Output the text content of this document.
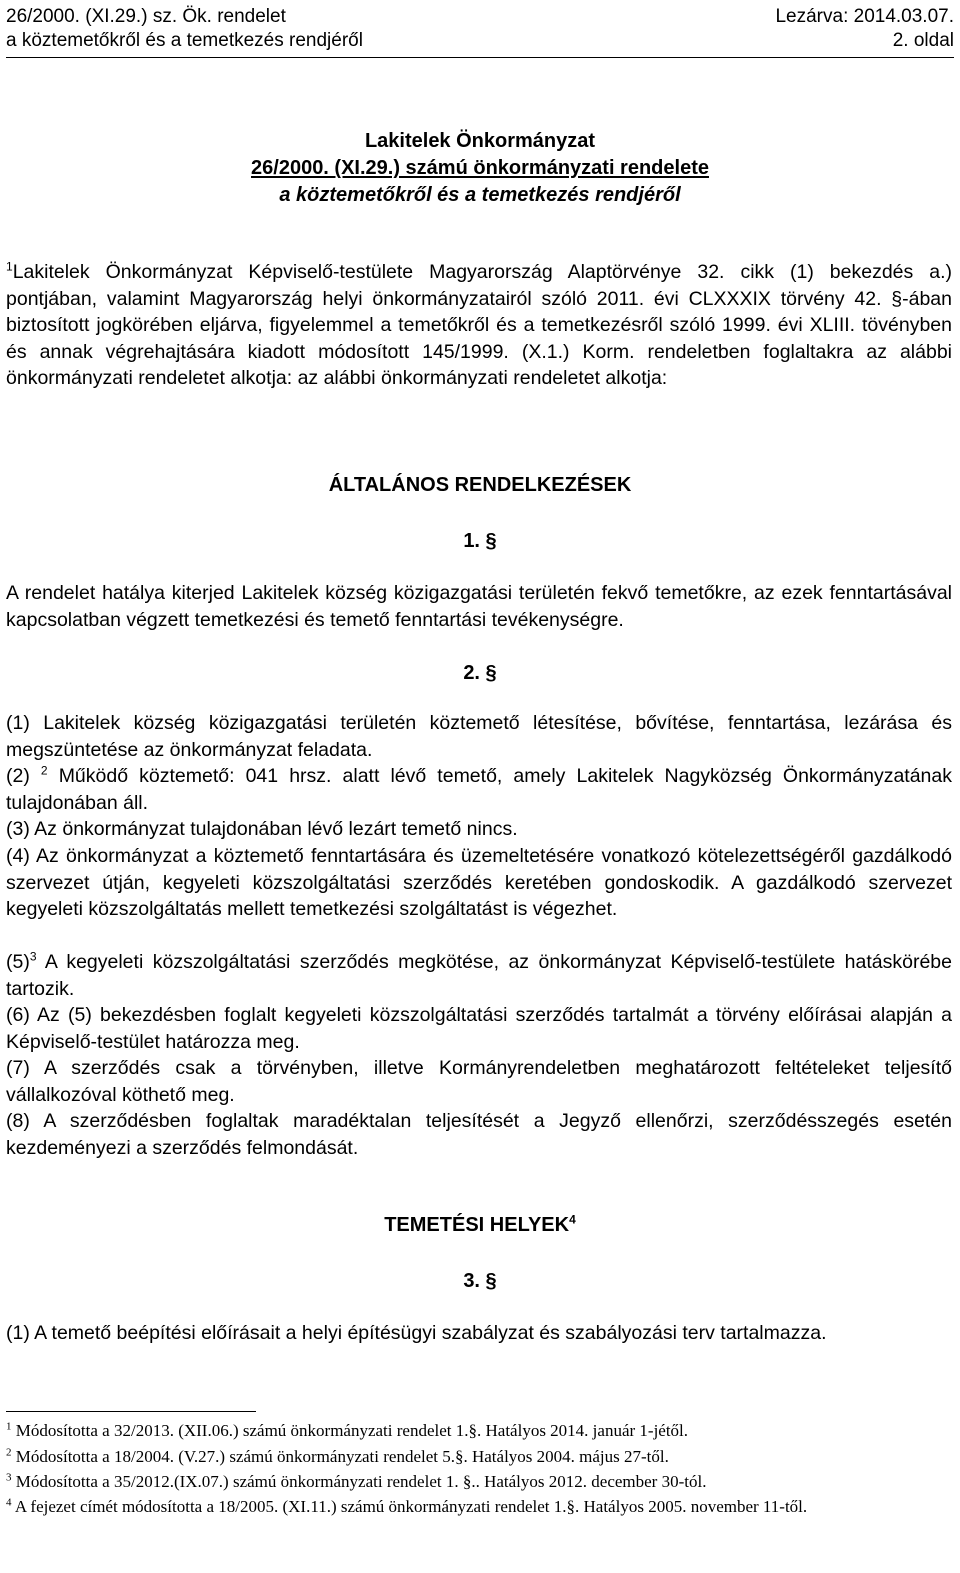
26/2000. (XI.29.) sz. Ök. rendelet	Lezárva: 2014.03.07.
a köztemetőkről és a temetkezés rendjéről	2. oldal
Lakitelek Önkormányzat
26/2000. (XI.29.) számú önkormányzati rendelete
a köztemetőkről és a temetkezés rendjéről

$^1$Lakitelek Önkormányzat Képviselő-testülete Magyarország Alaptörvénye 32. cikk (1) bekezdés a.) pontjában, valamint Magyarország helyi önkormányzatairól szóló 2011. évi CLXXXIX törvény 42. §-ában biztosított jogkörében eljárva, figyelemmel a temetőkről és a temetkezésről szóló 1999. évi XLIII. tövényben és annak végrehajtására kiadott módosított 145/1999. (X.1.) Korm. rendeletben foglaltakra az alábbi önkormányzati rendeletet alkotja: az alábbi önkormányzati rendeletet alkotja:

ÁLTALÁNOS RENDELKEZÉSEK
1. §

A rendelet hatálya kiterjed Lakitelek község közigazgatási területén fekvő temetőkre, az ezek fenntartásával kapcsolatban végzett temetkezési és temető fenntartási tevékenységre.

2. §

(1) Lakitelek község közigazgatási területén köztemető létesítése, bővítése, fenntartása, lezárása és megszüntetése az önkormányzat feladata.

(2) $^2$ Működő köztemető: 041 hrsz. alatt lévő temető, amely Lakitelek Nagyközség Önkormányzatának tulajdonában áll.

(3) Az önkormányzat tulajdonában lévő lezárt temető nincs.

(4) Az önkormányzat a köztemető fenntartására és üzemeltetésére vonatkozó kötelezettségéről gazdálkodó szervezet útján, kegyeleti közszolgáltatási szerződés keretében gondoskodik. A gazdálkodó szervezet kegyeleti közszolgáltatás mellett temetkezési szolgáltatást is végezhet.

$(5)^3$ A kegyeleti közszolgáltatási szerződés megkötése, az önkormányzat Képviselő-testülete hatáskörébe tartozik.

(6) Az (5) bekezdésben foglalt kegyeleti közszolgáltatási szerződés tartalmát a törvény előírásai alapján a Képviselő-testület határozza meg.

(7) A szerződés csak a törvényben, illetve Kormányrendeletben meghatározott feltételeket teljesítő vállalkozóval köthető meg.

(8) A szerződésben foglaltak maradéktalan teljesítését a Jegyző ellenőrzi, szerződésszegés esetén kezdeményezi a szerződés felmondását.

TEMETÉSI HELYEK$^4$
3. §

(1) A temető beépítési előírásait a helyi építésügyi szabályzat és szabályozási terv tartalmazza.

$^1$ Módosította a 32/2013. (XII.06.) számú önkormányzati rendelet 1.§. Hatályos 2014. január 1-jétől.

$^2$ Módosította a 18/2004. (V.27.) számú önkormányzati rendelet 5.§. Hatályos 2004. május 27-től.

$^3$ Módosította a 35/2012.(IX.07.) számú önkormányzati rendelet 1. §.. Hatályos 2012. december 30-tól.

$^4$ A fejezet címét módosította a 18/2005. (XI.11.) számú önkormányzati rendelet 1.§. Hatályos 2005. november 11-től.
